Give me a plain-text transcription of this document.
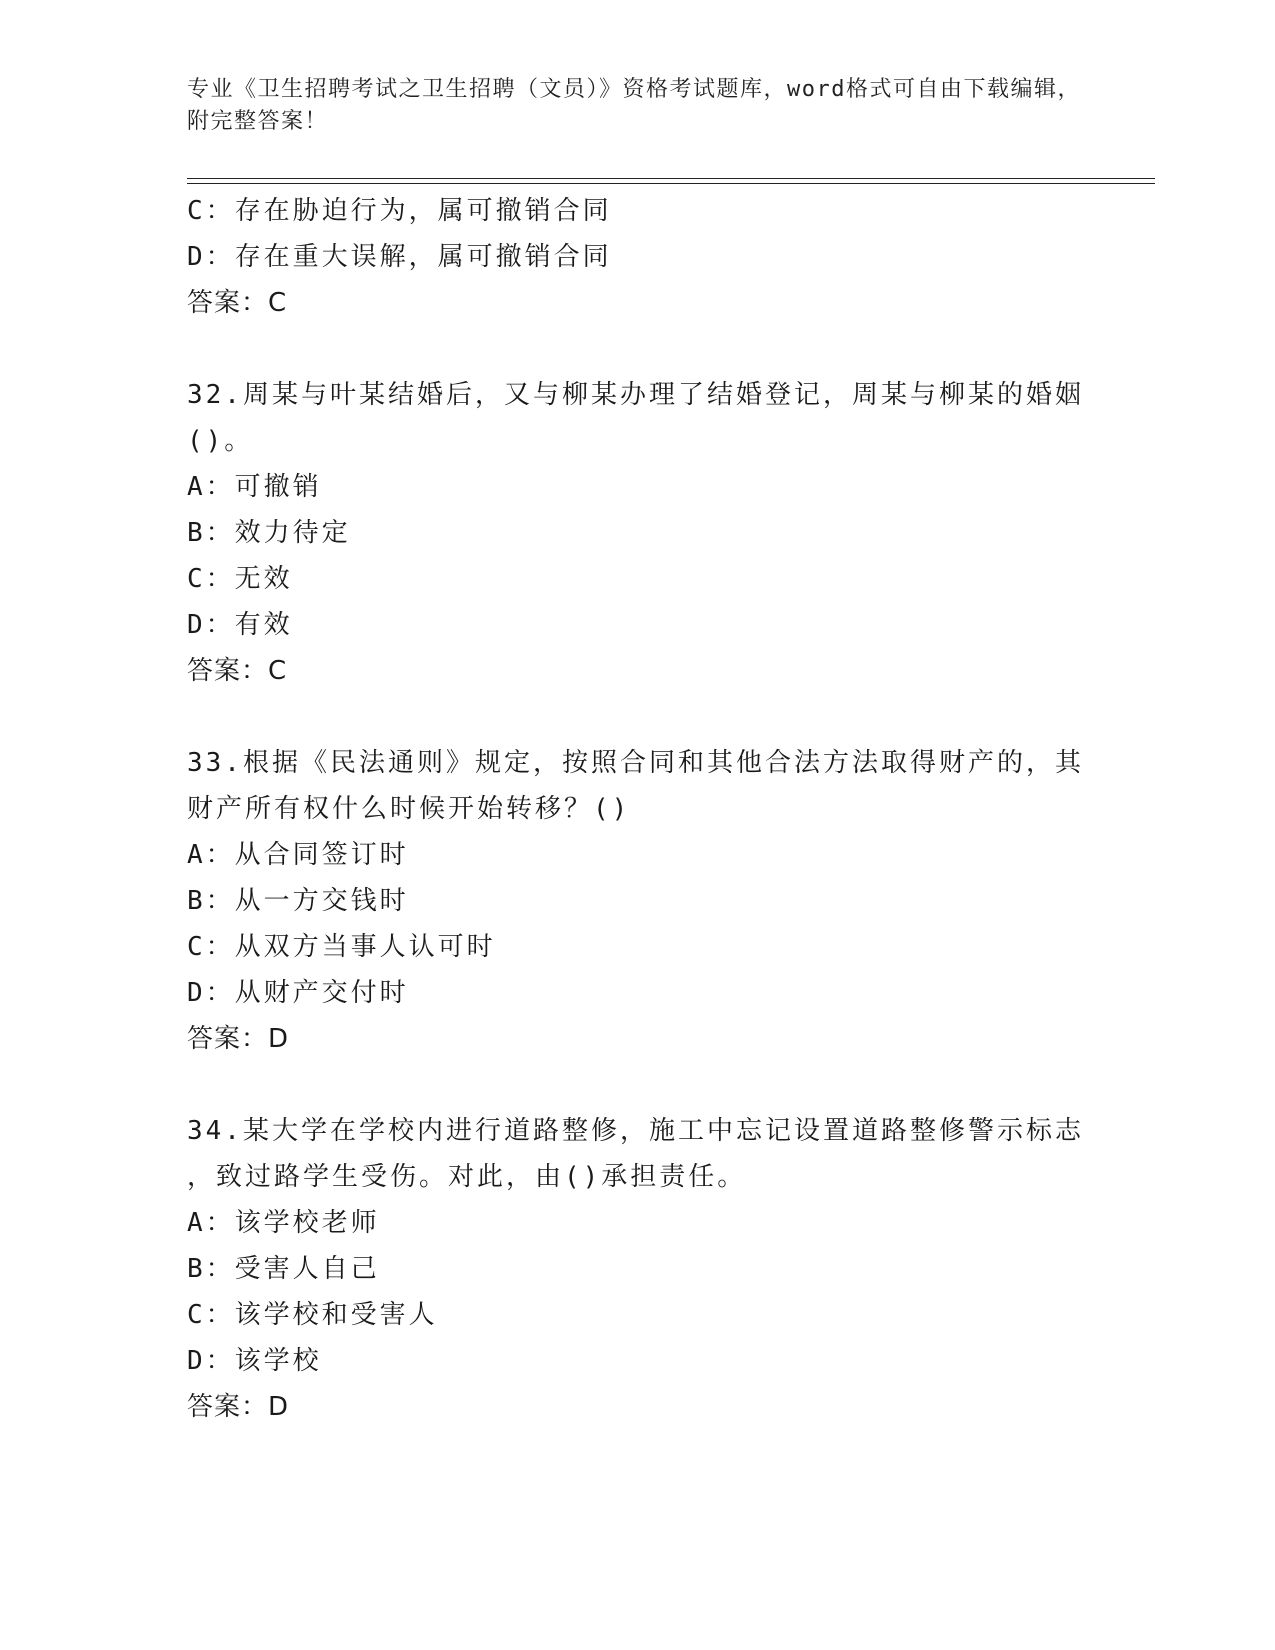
专业《卫生招聘考试之卫生招聘（文员）》资格考试题库，word格式可自由下载编辑，附完整答案！
C：存在胁迫行为，属可撤销合同
D：存在重大误解，属可撤销合同
答案：C
32.周某与叶某结婚后，又与柳某办理了结婚登记，周某与柳某的婚姻
()。
A：可撤销
B：效力待定
C：无效
D：有效
答案：C
33.根据《民法通则》规定，按照合同和其他合法方法取得财产的，其
财产所有权什么时候开始转移？()
A：从合同签订时
B：从一方交钱时
C：从双方当事人认可时
D：从财产交付时
答案：D
34.某大学在学校内进行道路整修，施工中忘记设置道路整修警示标志
，致过路学生受伤。对此，由()承担责任。
A：该学校老师
B：受害人自己
C：该学校和受害人
D：该学校
答案：D
